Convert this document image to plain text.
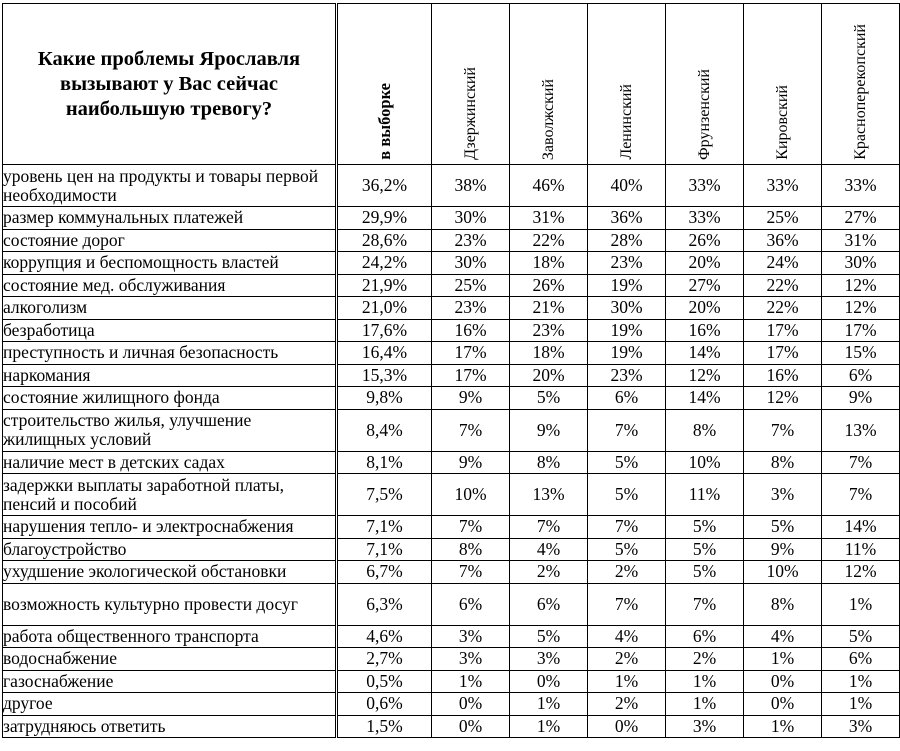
Какие проблемы Ярославля вызывают у Вас сейчас наибольшую тревогу?	в выборке	Дзержинский	Заволжский	Ленинский	Фрунзенский	Кировский	Красноперекопский

уровень цен на продукты и товары первой необходимости	36,2%	38%	46%	40%	33%	33%	33%
размер коммунальных платежей	29,9%	30%	31%	36%	33%	25%	27%
состояние дорог	28,6%	23%	22%	28%	26%	36%	31%
коррупция и беспомощность властей	24,2%	30%	18%	23%	20%	24%	30%
состояние мед. обслуживания	21,9%	25%	26%	19%	27%	22%	12%
алкоголизм	21,0%	23%	21%	30%	20%	22%	12%
безработица	17,6%	16%	23%	19%	16%	17%	17%
преступность и личная безопасность	16,4%	17%	18%	19%	14%	17%	15%
наркомания	15,3%	17%	20%	23%	12%	16%	6%
состояние жилищного фонда	9,8%	9%	5%	6%	14%	12%	9%
строительство жилья, улучшение жилищных условий	8,4%	7%	9%	7%	8%	7%	13%
наличие мест в детских садах	8,1%	9%	8%	5%	10%	8%	7%
задержки выплаты заработной платы, пенсий и пособий	7,5%	10%	13%	5%	11%	3%	7%
нарушения тепло- и электроснабжения	7,1%	7%	7%	7%	5%	5%	14%
благоустройство	7,1%	8%	4%	5%	5%	9%	11%
ухудшение экологической обстановки	6,7%	7%	2%	2%	5%	10%	12%
возможность культурно провести досуг	6,3%	6%	6%	7%	7%	8%	1%
работа общественного транспорта	4,6%	3%	5%	4%	6%	4%	5%
водоснабжение	2,7%	3%	3%	2%	2%	1%	6%
газоснабжение	0,5%	1%	0%	1%	1%	0%	1%
другое	0,6%	0%	1%	2%	1%	0%	1%
затрудняюсь ответить	1,5%	0%	1%	0%	3%	1%	3%
